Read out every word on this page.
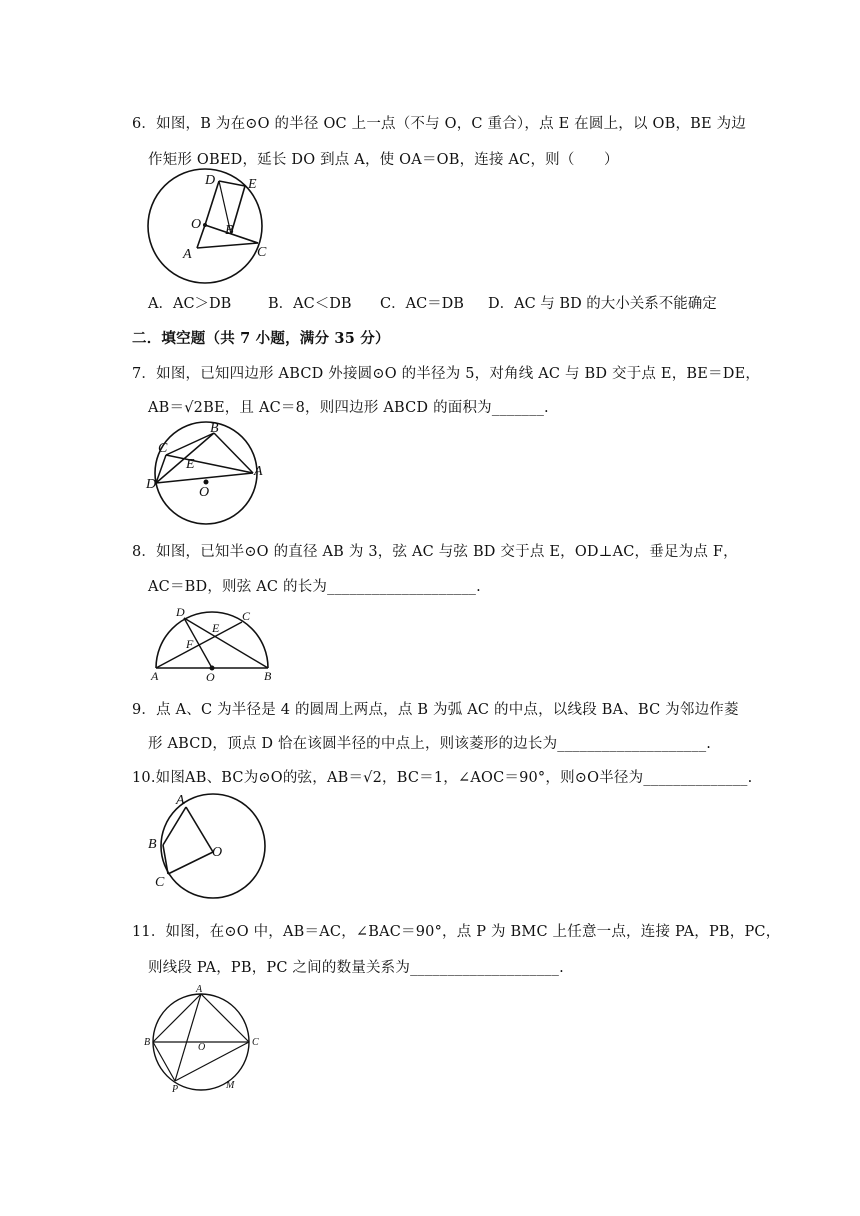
6．如图，B 为在⊙O 的半径 OC 上一点（不与 O，C 重合），点 E 在圆上，以 OB，BE 为边
作矩形 OBED，延长 DO 到点 A，使 OA＝OB，连接 AC，则（　　）
D E
O B
A	C
A．AC＞DB	B．AC＜DB C．AC＝DB D．AC 与 BD 的大小关系不能确定
二．填空题（共 7 小题，满分 35 分）
7．如图，已知四边形 ABCD 外接圆⊙O 的半径为 5，对角线 AC 与 BD 交于点 E，BE＝DE，
AB＝√2BE，且 AC＝8，则四边形 ABCD 的面积为_______.
B
C
E
D
A
O
8．如图，已知半⊙O 的直径 AB 为 3，弦 AC 与弦 BD 交于点 E，OD⊥AC，垂足为点 F，
AC＝BD，则弦 AC 的长为____________________.
D	C
E
F
A	O	B
9．点 A、C 为半径是 4 的圆周上两点，点 B 为弧 AC 的中点，以线段 BA、BC 为邻边作菱
形 ABCD，顶点 D 恰在该圆半径的中点上，则该菱形的边长为____________________.
10.如图AB、BC为⊙O的弦，AB＝√2，BC＝1，∠AOC＝90°，则⊙O半径为______________.
A
B
C
O
11．如图，在⊙O 中，AB＝AC，∠BAC＝90°，点 P 为 BMC 上任意一点，连接 PA，PB，PC，
则线段 PA，PB，PC 之间的数量关系为____________________.
A
B	C
O
P	M
